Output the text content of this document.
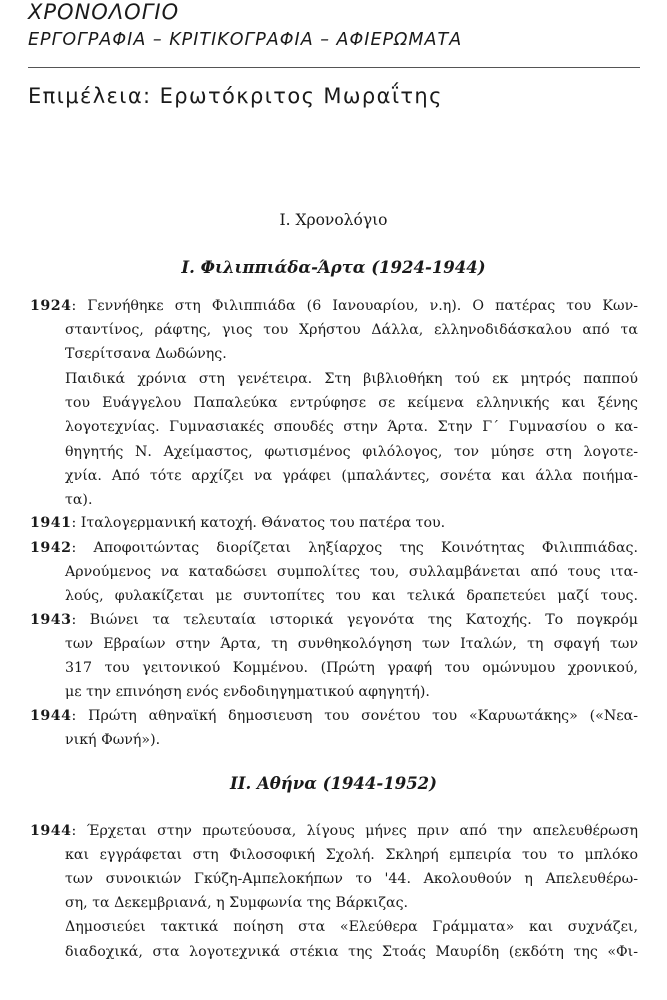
ΧΡΟΝΟΛΟΓΙΟ
ΕΡΓΟΓΡΑΦΙΑ – ΚΡΙΤΙΚΟΓΡΑΦΙΑ – ΑΦΙΕΡΩΜΑΤΑ
Επιμέλεια: Ερωτόκριτος Μωραΐτης
Ι. Χρονολόγιο
Ι. Φιλιππιάδα-Άρτα (1924-1944)
1924: Γεννήθηκε στη Φιλιππιάδα (6 Ιανουαρίου, ν.η). Ο πατέρας του Κων-
σταντίνος, ράφτης, γιος του Χρήστου Δάλλα, ελληνοδιδάσκαλου από τα
Τσερίτσανα Δωδώνης.
Παιδικά χρόνια στη γενέτειρα. Στη βιβλιοθήκη τού εκ μητρός παππού
του Ευάγγελου Παπαλεύκα εντρύφησε σε κείμενα ελληνικής και ξένης
λογοτεχνίας. Γυμνασιακές σπουδές στην Άρτα. Στην Γ΄ Γυμνασίου ο κα-
θηγητής Ν. Αχείμαστος, φωτισμένος φιλόλογος, τον μύησε στη λογοτε-
χνία. Από τότε αρχίζει να γράφει (μπαλάντες, σονέτα και άλλα ποιήμα-
τα).
1941: Ιταλογερμανική κατοχή. Θάνατος του πατέρα του.
1942: Αποφοιτώντας διορίζεται ληξίαρχος της Κοινότητας Φιλιππιάδας.
Αρνούμενος να καταδώσει συμπολίτες του, συλλαμβάνεται από τους ιτα-
λούς, φυλακίζεται με συντοπίτες του και τελικά δραπετεύει μαζί τους.
1943: Βιώνει τα τελευταία ιστορικά γεγονότα της Κατοχής. Το πογκρόμ
των Εβραίων στην Άρτα, τη συνθηκολόγηση των Ιταλών, τη σφαγή των
317 του γειτονικού Κομμένου. (Πρώτη γραφή του ομώνυμου χρονικού,
με την επινόηση ενός ενδοδιηγηματικού αφηγητή).
1944: Πρώτη αθηναϊκή δημοσιευση του σονέτου του «Καρυωτάκης» («Νεα-
νική Φωνή»).
ΙΙ. Αθήνα (1944-1952)
1944: Έρχεται στην πρωτεύουσα, λίγους μήνες πριν από την απελευθέρωση
και εγγράφεται στη Φιλοσοφική Σχολή. Σκληρή εμπειρία του το μπλόκο
των συνοικιών Γκύζη-Αμπελοκήπων το '44. Ακολουθούν η Απελευθέρω-
ση, τα Δεκεμβριανά, η Συμφωνία της Βάρκιζας.
Δημοσιεύει τακτικά ποίηση στα «Ελεύθερα Γράμματα» και συχνάζει,
διαδοχικά, στα λογοτεχνικά στέκια της Στοάς Μαυρίδη (εκδότη της «Φι-
